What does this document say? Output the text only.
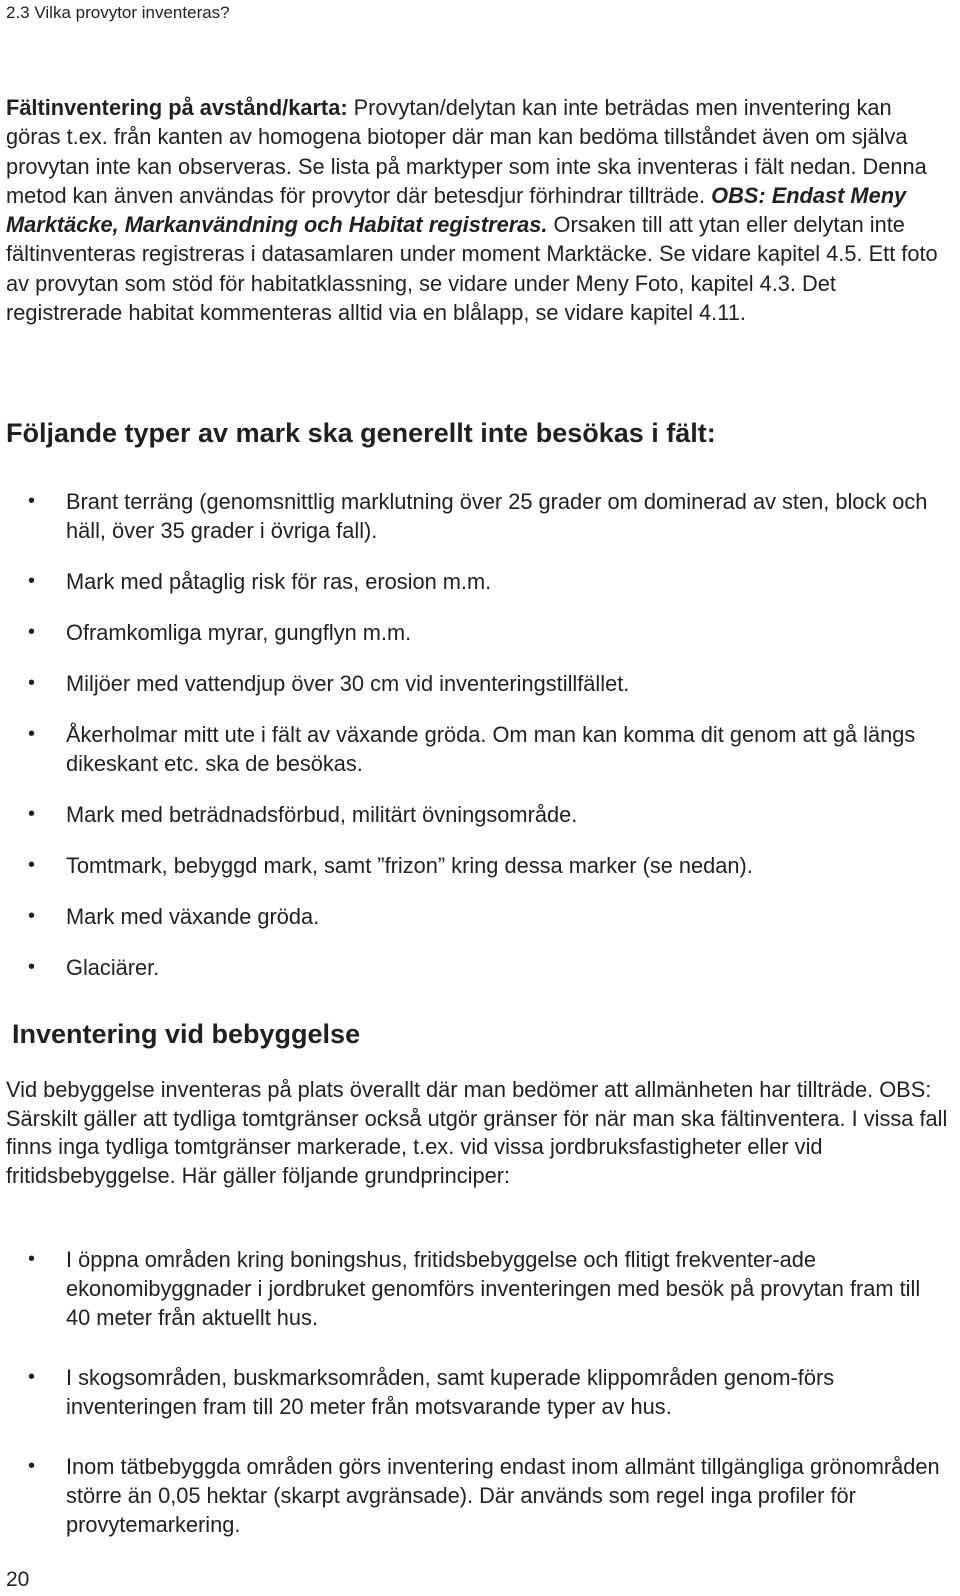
2.3 Vilka provytor inventeras?

Fältinventering på avstånd/karta: Provytan/delytan kan inte beträdas men inventering kan göras t.ex. från kanten av homogena biotoper där man kan bedöma tillståndet även om själva provytan inte kan observeras. Se lista på marktyper som inte ska inventeras i fält nedan. Denna metod kan änven användas för provytor där betesdjur förhindrar tillträde. OBS: Endast Meny Marktäcke, Markanvändning och Habitat registreras. Orsaken till att ytan eller delytan inte fältinventeras registreras i datasamlaren under moment Marktäcke. Se vidare kapitel 4.5. Ett foto av provytan som stöd för habitatklassning, se vidare under Meny Foto, kapitel 4.3. Det registrerade habitat kommenteras alltid via en blålapp, se vidare kapitel 4.11.

Följande typer av mark ska generellt inte besökas i fält:
• Brant terräng (genomsnittlig marklutning över 25 grader om dominerad av sten, block och häll, över 35 grader i övriga fall).
• Mark med påtaglig risk för ras, erosion m.m.
• Oframkomliga myrar, gungflyn m.m.
• Miljöer med vattendjup över 30 cm vid inventeringstillfället.
• Åkerholmar mitt ute i fält av växande gröda. Om man kan komma dit genom att gå längs dikeskant etc. ska de besökas.
• Mark med beträdnadsförbud, militärt övningsområde.
• Tomtmark, bebyggd mark, samt ”frizon” kring dessa marker (se nedan).
• Mark med växande gröda.
• Glaciärer.
Inventering vid bebyggelse

Vid bebyggelse inventeras på plats överallt där man bedömer att allmänheten har tillträde. OBS: Särskilt gäller att tydliga tomtgränser också utgör gränser för när man ska fältinventera. I vissa fall finns inga tydliga tomtgränser markerade, t.ex. vid vissa jordbruksfastigheter eller vid fritidsbebyggelse. Här gäller följande grundprinciper:

• I öppna områden kring boningshus, fritidsbebyggelse och flitigt frekventer-ade ekonomibyggnader i jordbruket genomförs inventeringen med besök på provytan fram till 40 meter från aktuellt hus.
• I skogsområden, buskmarksområden, samt kuperade klippområden genom-förs inventeringen fram till 20 meter från motsvarande typer av hus.
• Inom tätbebyggda områden görs inventering endast inom allmänt tillgängliga grönområden större än 0,05 hektar (skarpt avgränsade). Där används som regel inga profiler för provytemarkering.
20
